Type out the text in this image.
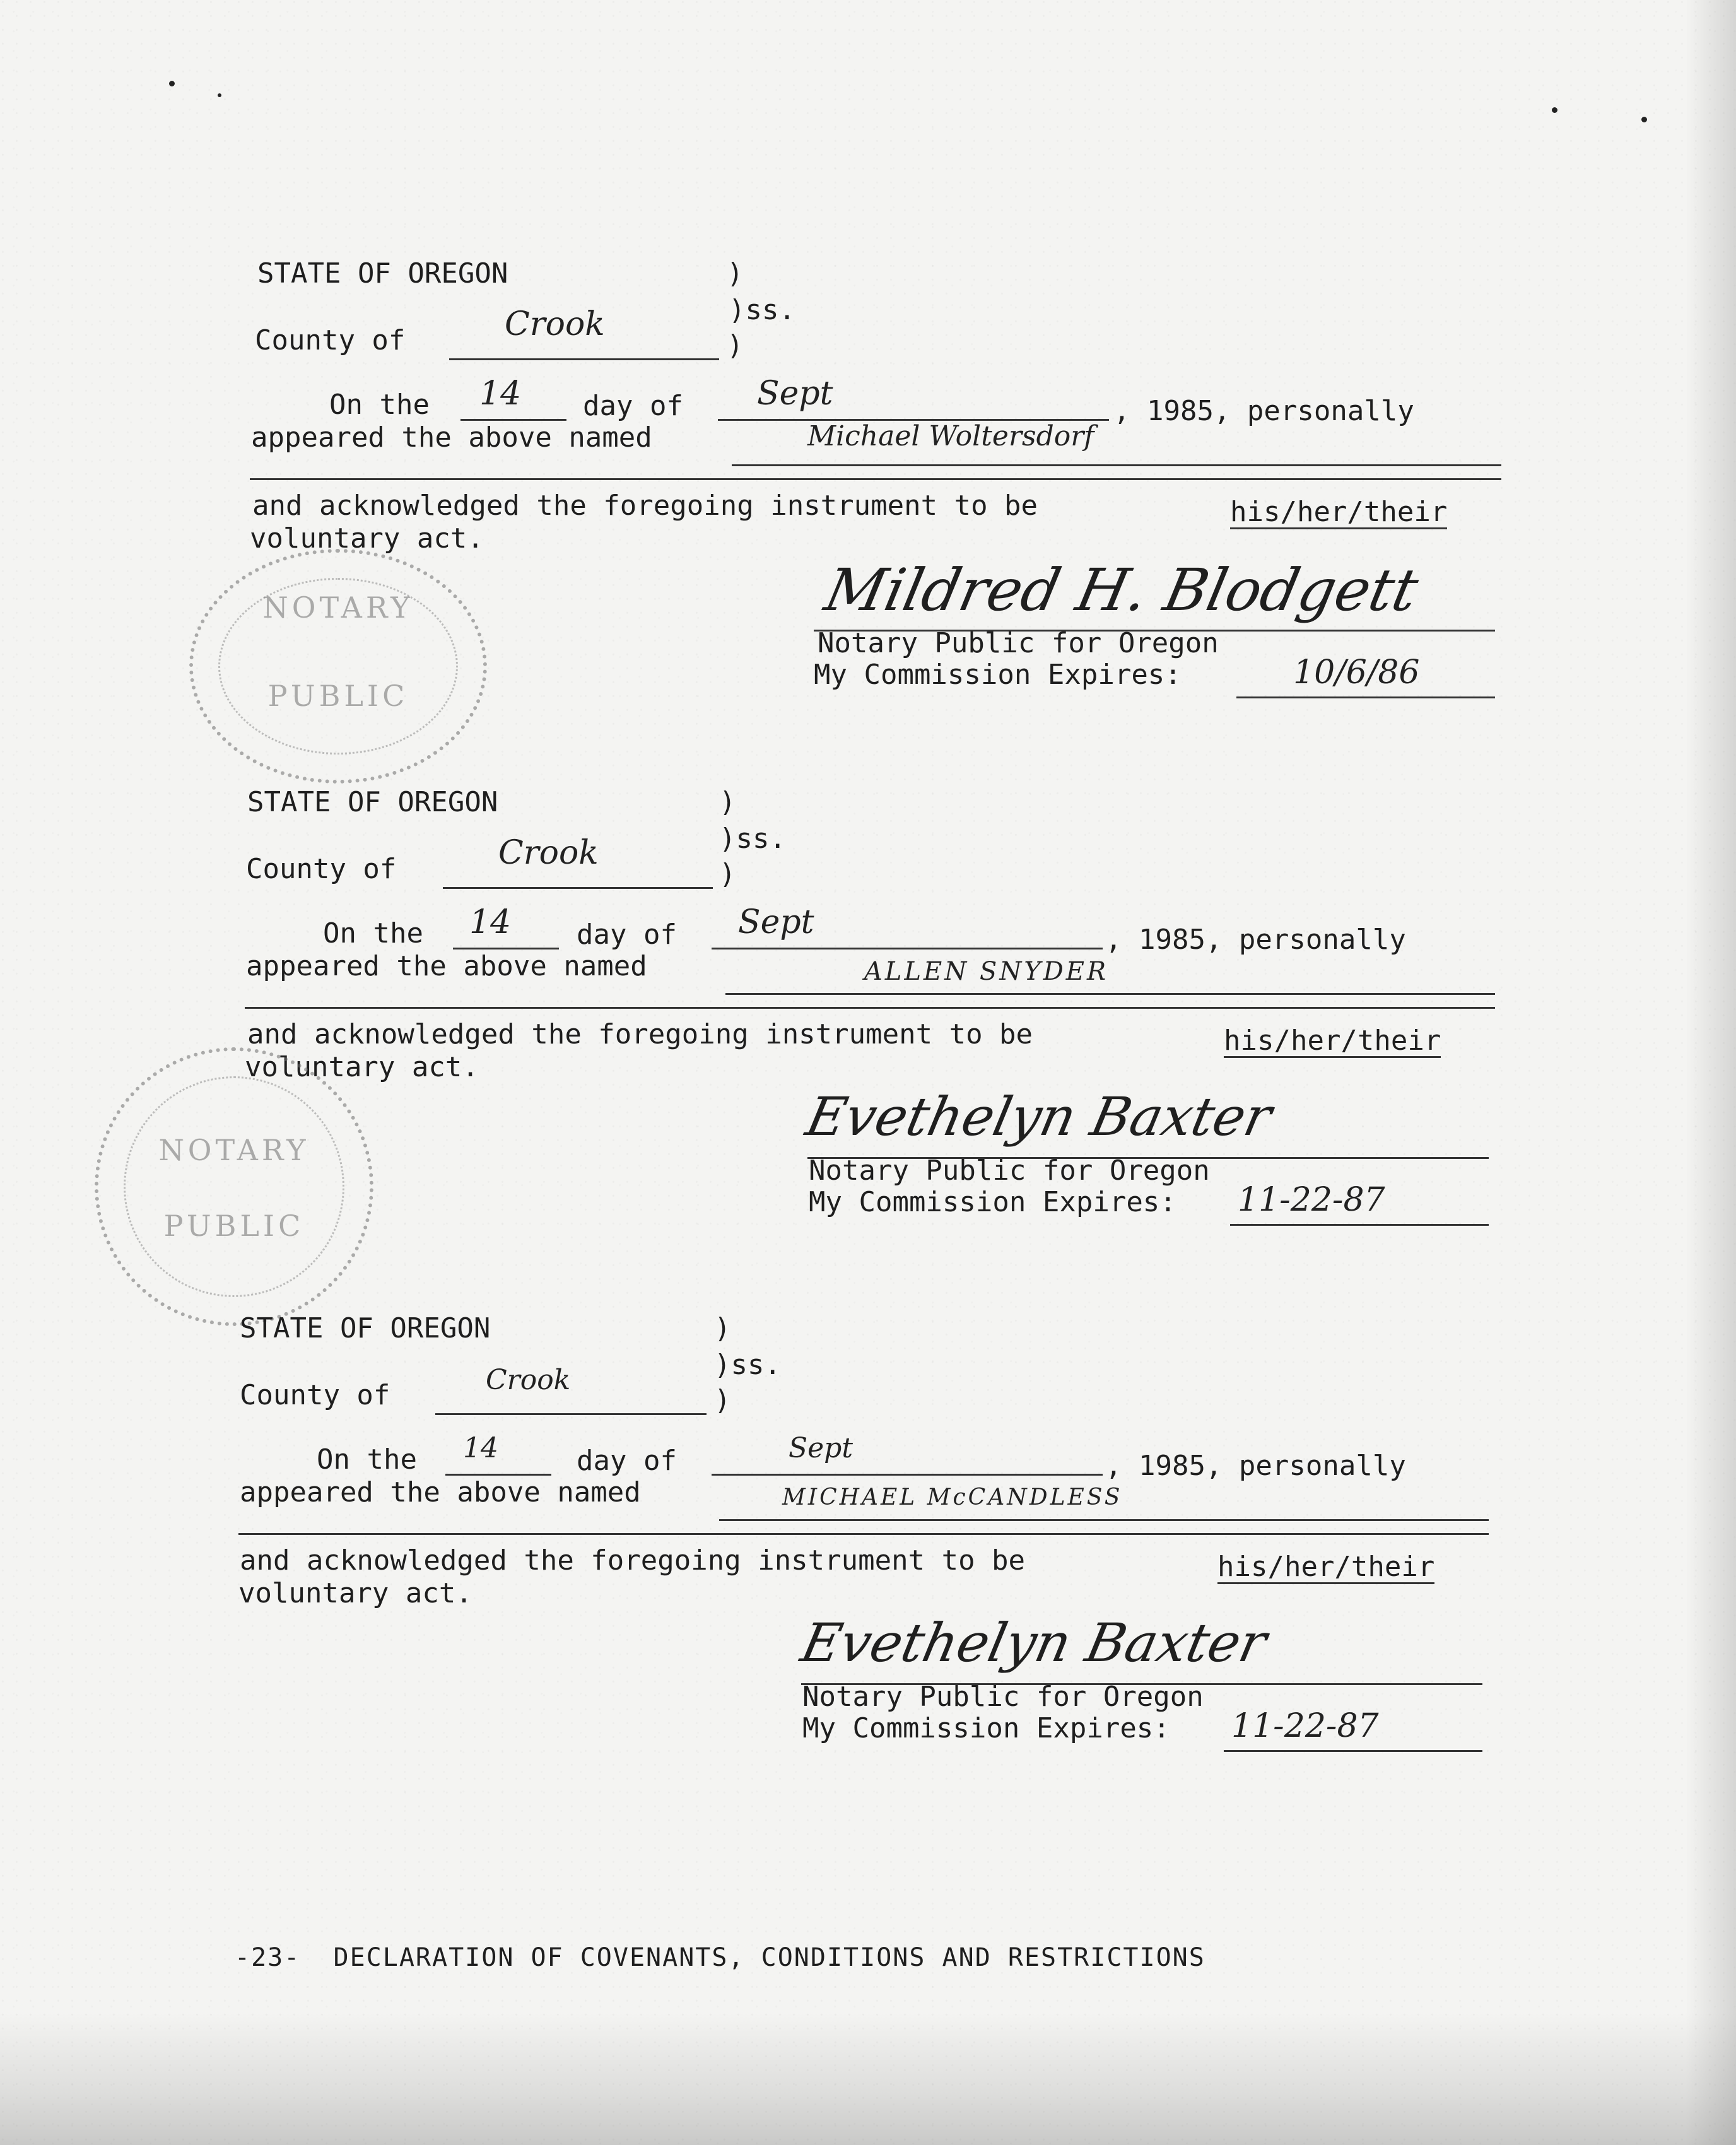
STATE OF OREGON	)
)ss.
County of	Crook
)
On the 14 day of Sept	, 1985, personally
appeared the above named	Michael Woltersdorf
and acknowledged the foregoing instrument to be	his/her/their
voluntary act.
Mildred H. Blodgett
Notary Public for Oregon
My Commission Expires:	10/6/86
NOTARY
PUBLIC
STATE OF OREGON	)
)ss.
County of	Crook
)
On the 14 day of Sept	, 1985, personally
appeared the above named	ALLEN SNYDER
and acknowledged the foregoing instrument to be	his/her/their
voluntary act.
Evethelyn Baxter
Notary Public for Oregon
My Commission Expires: 11-22-87
NOTARY
PUBLIC
STATE OF OREGON	)
)ss.
County of	Crook
)
On the 14	day of	Sept
, 1985, personally
appeared the above named	MICHAEL McCANDLESS
and acknowledged the foregoing instrument to be	his/her/their
voluntary act.
Evethelyn Baxter
Notary Public for Oregon
My Commission Expires: 11-22-87
-23-  DECLARATION OF COVENANTS, CONDITIONS AND RESTRICTIONS
